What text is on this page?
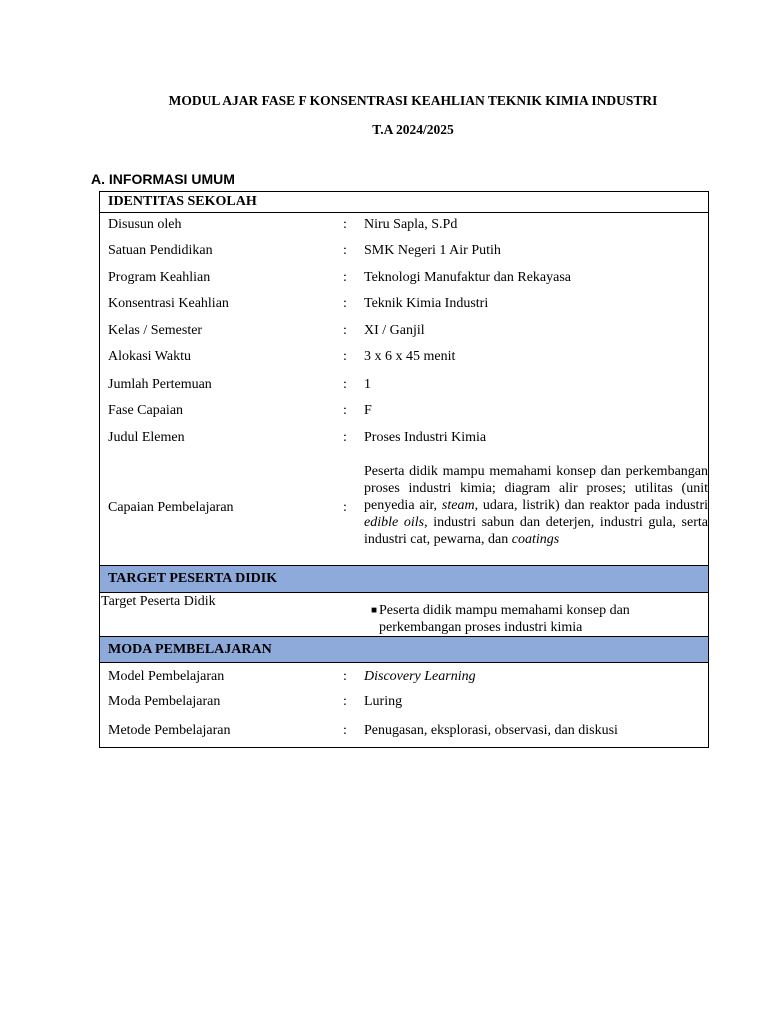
MODUL AJAR FASE F KONSENTRASI KEAHLIAN TEKNIK KIMIA INDUSTRI
T.A 2024/2025
A. INFORMASI UMUM
IDENTITAS SEKOLAH
Disusun oleh	: Niru Sapla, S.Pd
Satuan Pendidikan	: SMK Negeri 1 Air Putih
Program Keahlian	: Teknologi Manufaktur dan Rekayasa
Konsentrasi Keahlian	: Teknik Kimia Industri
Kelas / Semester	: XI / Ganjil
Alokasi Waktu	: 3 x 6 x 45 menit
Jumlah Pertemuan	: 1
Fase Capaian	: F
Judul Elemen	: Proses Industri Kimia
Capaian Pembelajaran	:
Peserta didik mampu memahami konsep dan perkembangan proses industri kimia; diagram alir proses; utilitas (unit penyedia air, steam, udara, listrik) dan reaktor pada industri edible oils, industri sabun dan deterjen, industri gula, serta industri cat, pewarna, dan coatings
TARGET PESERTA DIDIK
Target Peserta Didik
■ Peserta didik mampu memahami konsep dan perkembangan proses industri kimia
MODA PEMBELAJARAN
Model Pembelajaran	: Discovery Learning
Moda Pembelajaran	: Luring
Metode Pembelajaran	: Penugasan, eksplorasi, observasi, dan diskusi
